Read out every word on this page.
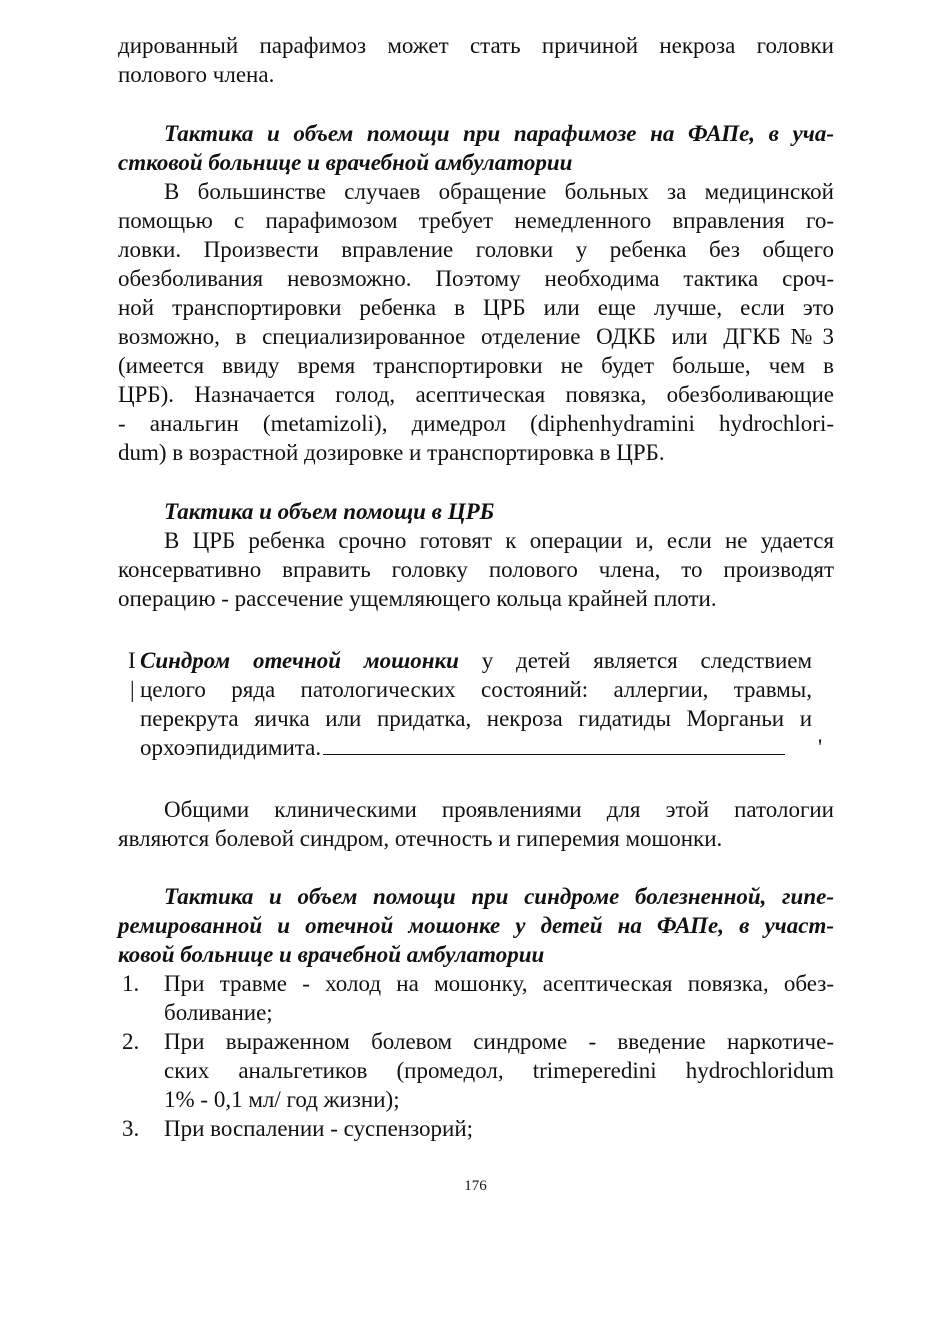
дированный парафимоз может стать причиной некроза головки
полового члена.
Тактика и объем помощи при парафимозе на ФАПе, в уча-
стковой больнице и врачебной амбулатории
В большинстве случаев обращение больных за медицинской
помощью с парафимозом требует немедленного вправления го-
ловки. Произвести вправление головки у ребенка без общего
обезболивания невозможно. Поэтому необходима тактика сроч-
ной транспортировки ребенка в ЦРБ или еще лучше, если это
возможно, в специализированное отделение ОДКБ или ДГКБ№3
(имеется ввиду время транспортировки не будет больше, чем в
ЦРБ). Назначается голод, асептическая повязка, обезболивающие
- анальгин (metamizoli), димедрол (diphenhydramini hydrochlori-
dum) в возрастной дозировке и транспортировка в ЦРБ.
Тактика и объем помощи в ЦРБ
В ЦРБ ребенка срочно готовят к операции и, если не удается
консервативно вправить головку полового члена, то производят
операцию - рассечение ущемляющего кольца крайней плоти.
I
|
Синдром отечной мошонки у детей является следствием
целого ряда патологических состояний: аллергии, травмы,
перекрута яичка или придатка, некроза гидатиды Морганьи и
орхоэпидидимита.	'
Общими клиническими проявлениями для этой патологии
являются болевой синдром, отечность и гиперемия мошонки.
Тактика и объем помощи при синдроме болезненной, гипе-
ремированной и отечной мошонке у детей на ФАПе, в участ-
ковой больнице и врачебной амбулатории
1. При травме - холод на мошонку, асептическая повязка, обез-
боливание;
2. При выраженном болевом синдроме - введение наркотиче-
ских анальгетиков (промедол, trimeperedini hydrochloridum
1% - 0,1 мл/ год жизни);
3. При воспалении - суспензорий;
176
